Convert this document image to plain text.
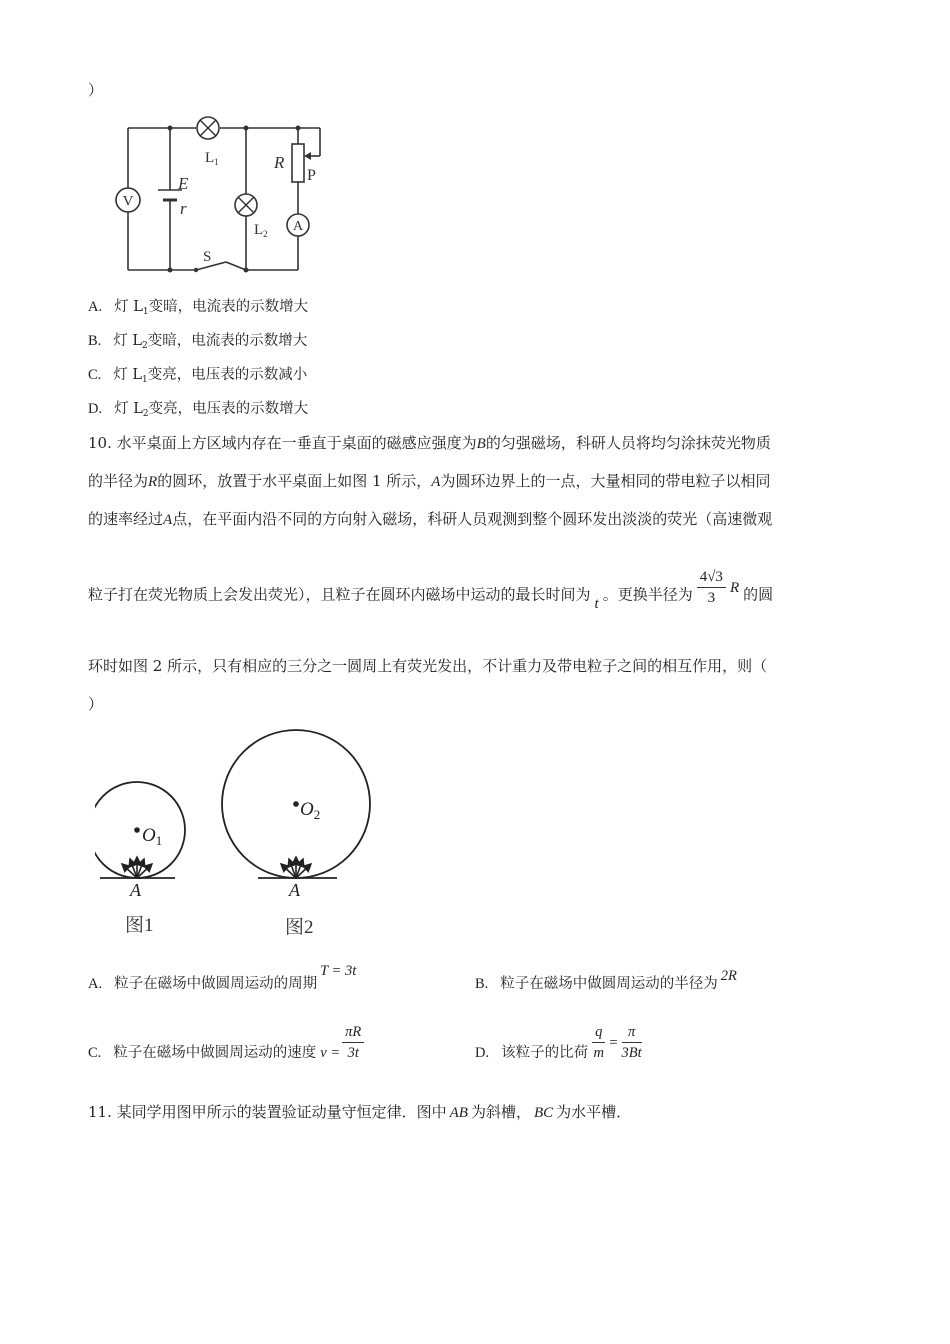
）
V
A
E
r
$L_1$
$L_2$
R
P
S
A. 灯 $L_1$变暗，电流表的示数增大
B. 灯 $L_2$变暗，电流表的示数增大
C. 灯 $L_1$变亮，电压表的示数减小
D. 灯 $L_2$变亮，电压表的示数增大
10. 水平桌面上方区域内存在一垂直于桌面的磁感应强度为B的匀强磁场，科研人员将均匀涂抹荧光物质
的半径为R的圆环，放置于水平桌面上如图 1 所示，A为圆环边界上的一点，大量相同的带电粒子以相同
的速率经过A点，在平面内沿不同的方向射入磁场，科研人员观测到整个圆环发出淡淡的荧光（高速微观
粒子打在荧光物质上会发出荧光），且粒子在圆环内磁场中运动的最长时间为 t 。更换半径为 $\frac{4√3}{3}$ R 的圆
环时如图 2 所示，只有相应的三分之一圆周上有荧光发出，不计重力及带电粒子之间的相互作用，则（
）
$O_1$
A
图1
$O_2$
A
图2
A. 粒子在磁场中做圆周运动的周期T = 3t
B. 粒子在磁场中做圆周运动的半径为 2R
C. 粒子在磁场中做圆周运动的速度 $v = \frac{\pi R}{3t}$	D. 该粒子的比荷 $\frac{q}{m} = \frac{\pi}{3Bt}$
11. 某同学用图甲所示的装置验证动量守恒定律．图中 AB 为斜槽， BC 为水平槽．
